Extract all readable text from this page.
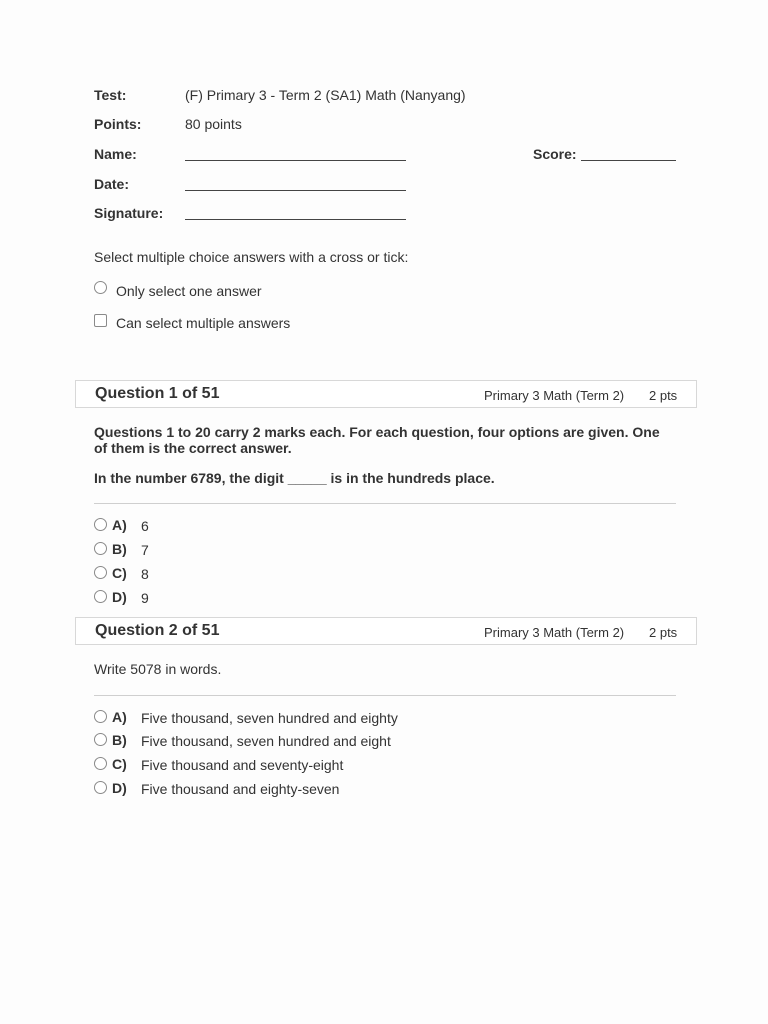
Test:	(F) Primary 3 - Term 2 (SA1) Math (Nanyang)
Points:	80 points
Name:	Score:
Date:
Signature:
Select multiple choice answers with a cross or tick:
Only select one answer
Can select multiple answers
Question 1 of 51	Primary 3 Math (Term 2) 2 pts
Questions 1 to 20 carry 2 marks each. For each question, four options are given. One of them is the correct answer.
In the number 6789, the digit _____ is in the hundreds place.
A) 6
B) 7
C) 8
D) 9
Question 2 of 51	Primary 3 Math (Term 2) 2 pts
Write 5078 in words.
A) Five thousand, seven hundred and eighty
B) Five thousand, seven hundred and eight
C) Five thousand and seventy-eight
D) Five thousand and eighty-seven
